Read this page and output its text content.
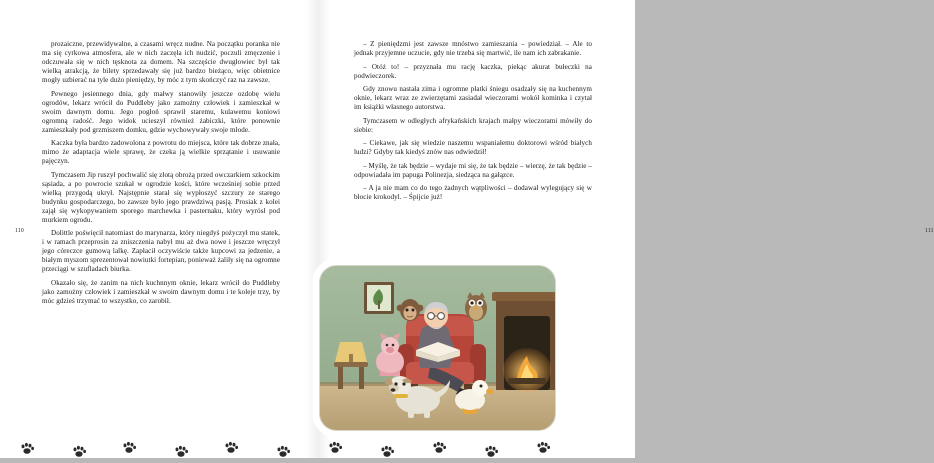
prozaiczne, przewidywalne, a czasami wręcz nudne. Na początku poranka nie ma się cyrkowa atmosfera, ale w nich zaczęła ich nudzić, poczuli zmęczenie i odczuwała się w nich tęsknota za domem. Na szczęście dwugłowiec był tak wielką atrakcją, że bilety sprzedawały się już bardzo bieżąco, więc obietnice mogły uzbierać na tyle dużo pieniędzy, by móc z tym skończyć raz na zawsze.

Pewnego jesiennego dnia, gdy małwy stanowiły jeszcze ozdobę wielu ogrodów, lekarz wrócił do Puddleby jako zamożny człowiek i zamieszkał w swoim dawnym domu. Jego pogłoń sprawił staremu, kulawemu koniowi ogromną radość. Jego widok ucieszył również żabiczki, które ponownie zamieszkały pod grzmiszem domku, gdzie wychowywały swoje młode.

Kaczka była bardzo zadowolona z powrotu do miejsca, które tak dobrze znała, mimo że adaptacja wiele sprawę, że czeka ją wielkie sprzątanie i usuwanie pajęczyn.

Tymczasem Jip ruszył pochwalić się złotą obrożą przed owczarkiem szkockim sąsiada, a po powrocie szukał w ogrodzie kości, które wcześniej sobie przed wielką przygodą ukrył. Najstępnie starał się wypłoszyć szczury ze starego budynku gospodarczego, bo zawsze było jego prawdziwą pasją. Prosiak z kolei zajął się wykopywaniem sporego marchewka i pasternaku, który wyrósł pod murkiem ogrodu.

Dolittle poświęcił natomiast do marynarza, który niegdyś pożyczył mu statek, i w ramach przeprosin za zniszczenia nabył mu aż dwa nowe i jeszcze wręczył jego córeczce gumową lalkę. Zapłacił oczywiście także kupcowi za jedzenie, a białym myszom sprezentował nowiutki fortepian, ponieważ żaliły się na ogromne przeciągi w szufladach biurka.

Okazało się, że zanim na nich kuchnnym oknie, lekarz wrócił do Puddleby jako zamożny człowiek i zamieszkał w swoim dawnym domu i te koleje trzy, by móc gdzieś trzymać to wszystko, co zarobił.

110

– Z pieniędzmi jest zawsze mnóstwo zamieszania – powiedział. – Ale to jednak przyjemne uczucie, gdy nie trzeba się martwić, ile nam ich zabrakanie.

– Otóż to! – przyznała mu rację kaczka, piekąc akurat bułeczki na podwieczorek.

Gdy znowu nastała zima i ogromne płatki śniegu osadzały się na kuchennym oknie, lekarz wraz ze zwierzętami zasiadał wieczorami wokół kominka i czytał im książki własnego autorstwa.

Tymczasem w odległych afrykańskich krajach małpy wieczorami mówiły do siebie:

– Ciekawe, jak się wiedzie naszemu wspaniałemu doktorowi wśród białych ludzi? Gdyby tak kiedyś znów nas odwiedził!

– Myślę, że tak będzie – wydaje mi się, że tak będzie – wierzę, że tak będzie – odpowiadała im papuga Polinezja, siedząca na gałązce.

– A ja nie mam co do tego żadnych wątpliwości – dodawał wylegujący się w błocie krokodyl. – Śpijcie już!

111
